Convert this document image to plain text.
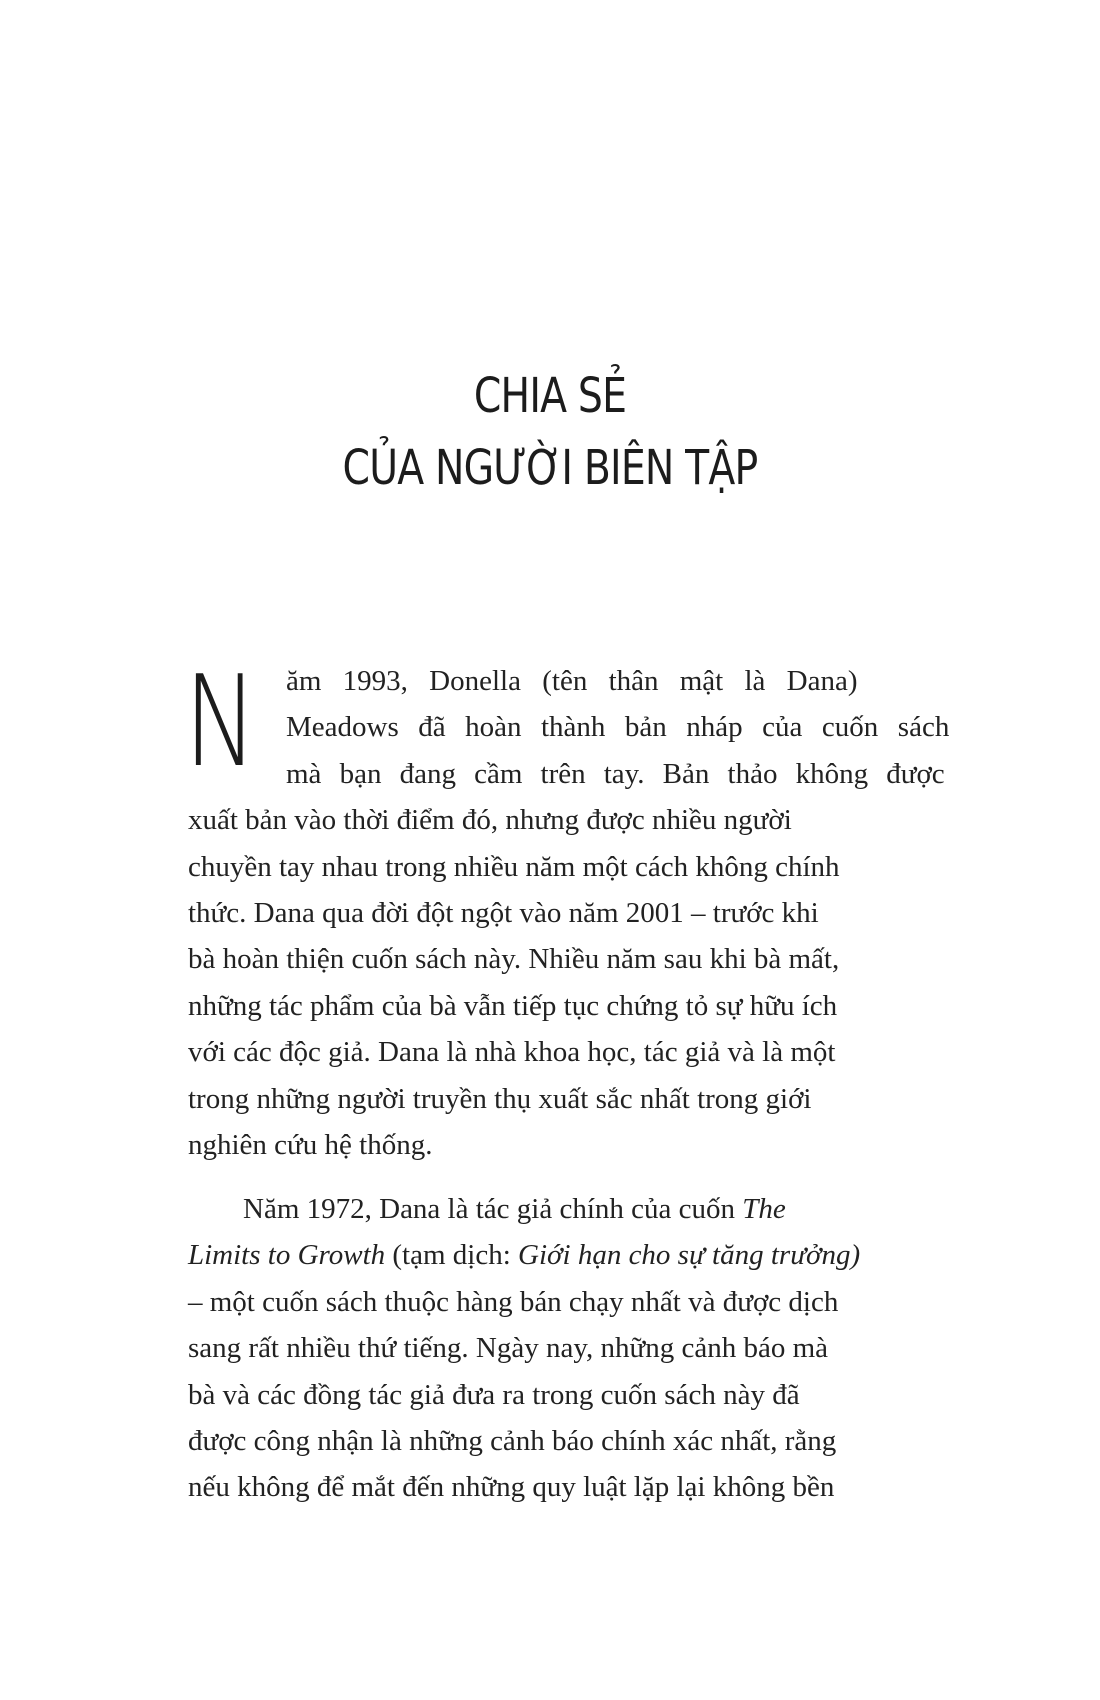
CHIA SẺ
CỦA NGƯỜI BIÊN TẬP
N ăm 1993, Donella (tên thân mật là Dana)
Meadows đã hoàn thành bản nháp của cuốn sách
mà bạn đang cầm trên tay. Bản thảo không được
xuất bản vào thời điểm đó, nhưng được nhiều người
chuyền tay nhau trong nhiều năm một cách không chính
thức. Dana qua đời đột ngột vào năm 2001 – trước khi
bà hoàn thiện cuốn sách này. Nhiều năm sau khi bà mất,
những tác phẩm của bà vẫn tiếp tục chứng tỏ sự hữu ích
với các độc giả. Dana là nhà khoa học, tác giả và là một
trong những người truyền thụ xuất sắc nhất trong giới
nghiên cứu hệ thống.
Năm 1972, Dana là tác giả chính của cuốn The
Limits to Growth (tạm dịch: Giới hạn cho sự tăng trưởng)
– một cuốn sách thuộc hàng bán chạy nhất và được dịch
sang rất nhiều thứ tiếng. Ngày nay, những cảnh báo mà
bà và các đồng tác giả đưa ra trong cuốn sách này đã
được công nhận là những cảnh báo chính xác nhất, rằng
nếu không để mắt đến những quy luật lặp lại không bền
